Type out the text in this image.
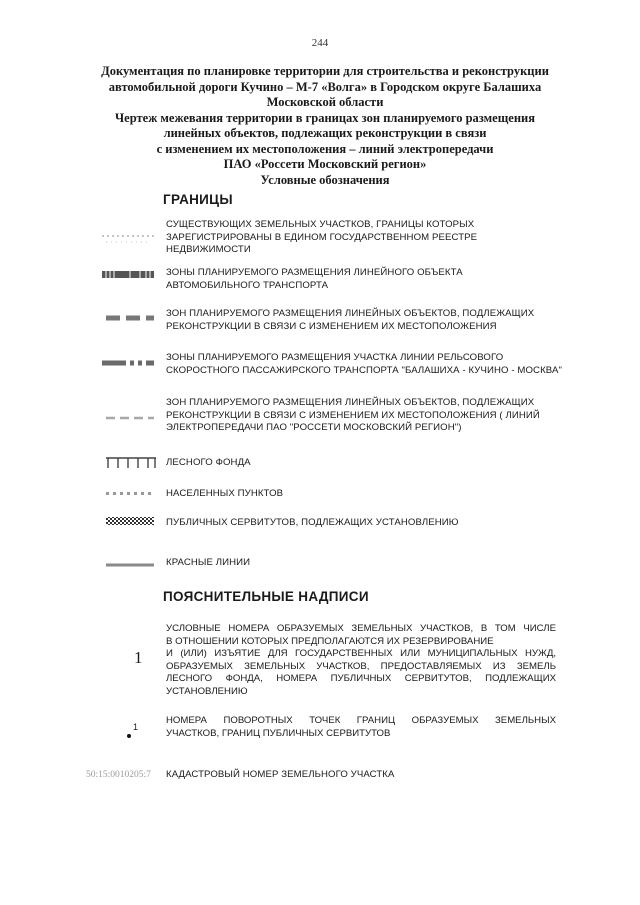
244
Документация по планировке территории для строительства и реконструкции
автомобильной дороги Кучино – М-7 «Волга» в Городском округе Балашиха
Московской области
Чертеж межевания территории в границах зон планируемого размещения
линейных объектов, подлежащих реконструкции в связи
с изменением их местоположения – линий электропередачи
ПАО «Россети Московский регион»
Условные обозначения
ГРАНИЦЫ
СУЩЕСТВУЮЩИХ ЗЕМЕЛЬНЫХ УЧАСТКОВ, ГРАНИЦЫ КОТОРЫХ
ЗАРЕГИСТРИРОВАНЫ В ЕДИНОМ ГОСУДАРСТВЕННОМ РЕЕСТРЕ
НЕДВИЖИМОСТИ
ЗОНЫ ПЛАНИРУЕМОГО РАЗМЕЩЕНИЯ ЛИНЕЙНОГО ОБЪЕКТА
АВТОМОБИЛЬНОГО ТРАНСПОРТА
ЗОН ПЛАНИРУЕМОГО РАЗМЕЩЕНИЯ ЛИНЕЙНЫХ ОБЪЕКТОВ, ПОДЛЕЖАЩИХ
РЕКОНСТРУКЦИИ В СВЯЗИ С ИЗМЕНЕНИЕМ ИХ МЕСТОПОЛОЖЕНИЯ
ЗОНЫ ПЛАНИРУЕМОГО РАЗМЕЩЕНИЯ УЧАСТКА ЛИНИИ РЕЛЬСОВОГО
СКОРОСТНОГО ПАССАЖИРСКОГО ТРАНСПОРТА "БАЛАШИХА - КУЧИНО - МОСКВА"
ЗОН ПЛАНИРУЕМОГО РАЗМЕЩЕНИЯ ЛИНЕЙНЫХ ОБЪЕКТОВ, ПОДЛЕЖАЩИХ
РЕКОНСТРУКЦИИ В СВЯЗИ С ИЗМЕНЕНИЕМ ИХ МЕСТОПОЛОЖЕНИЯ ( ЛИНИЙ
ЭЛЕКТРОПЕРЕДАЧИ ПАО "РОССЕТИ МОСКОВСКИЙ РЕГИОН")
ЛЕСНОГО ФОНДА
НАСЕЛЕННЫХ ПУНКТОВ
ПУБЛИЧНЫХ СЕРВИТУТОВ, ПОДЛЕЖАЩИХ УСТАНОВЛЕНИЮ
КРАСНЫЕ ЛИНИИ
ПОЯСНИТЕЛЬНЫЕ НАДПИСИ
1
УСЛОВНЫЕ НОМЕРА ОБРАЗУЕМЫХ ЗЕМЕЛЬНЫХ УЧАСТКОВ, В ТОМ ЧИСЛЕ
В ОТНОШЕНИИ КОТОРЫХ ПРЕДПОЛАГАЮТСЯ ИХ РЕЗЕРВИРОВАНИЕ
И (ИЛИ) ИЗЪЯТИЕ ДЛЯ ГОСУДАРСТВЕННЫХ ИЛИ МУНИЦИПАЛЬНЫХ НУЖД,
ОБРАЗУЕМЫХ ЗЕМЕЛЬНЫХ УЧАСТКОВ, ПРЕДОСТАВЛЯЕМЫХ ИЗ ЗЕМЕЛЬ
ЛЕСНОГО ФОНДА, НОМЕРА ПУБЛИЧНЫХ СЕРВИТУТОВ, ПОДЛЕЖАЩИХ
УСТАНОВЛЕНИЮ
1
НОМЕРА ПОВОРОТНЫХ ТОЧЕК ГРАНИЦ ОБРАЗУЕМЫХ ЗЕМЕЛЬНЫХ
УЧАСТКОВ, ГРАНИЦ ПУБЛИЧНЫХ СЕРВИТУТОВ
50:15:0010205:7 КАДАСТРОВЫЙ НОМЕР ЗЕМЕЛЬНОГО УЧАСТКА
